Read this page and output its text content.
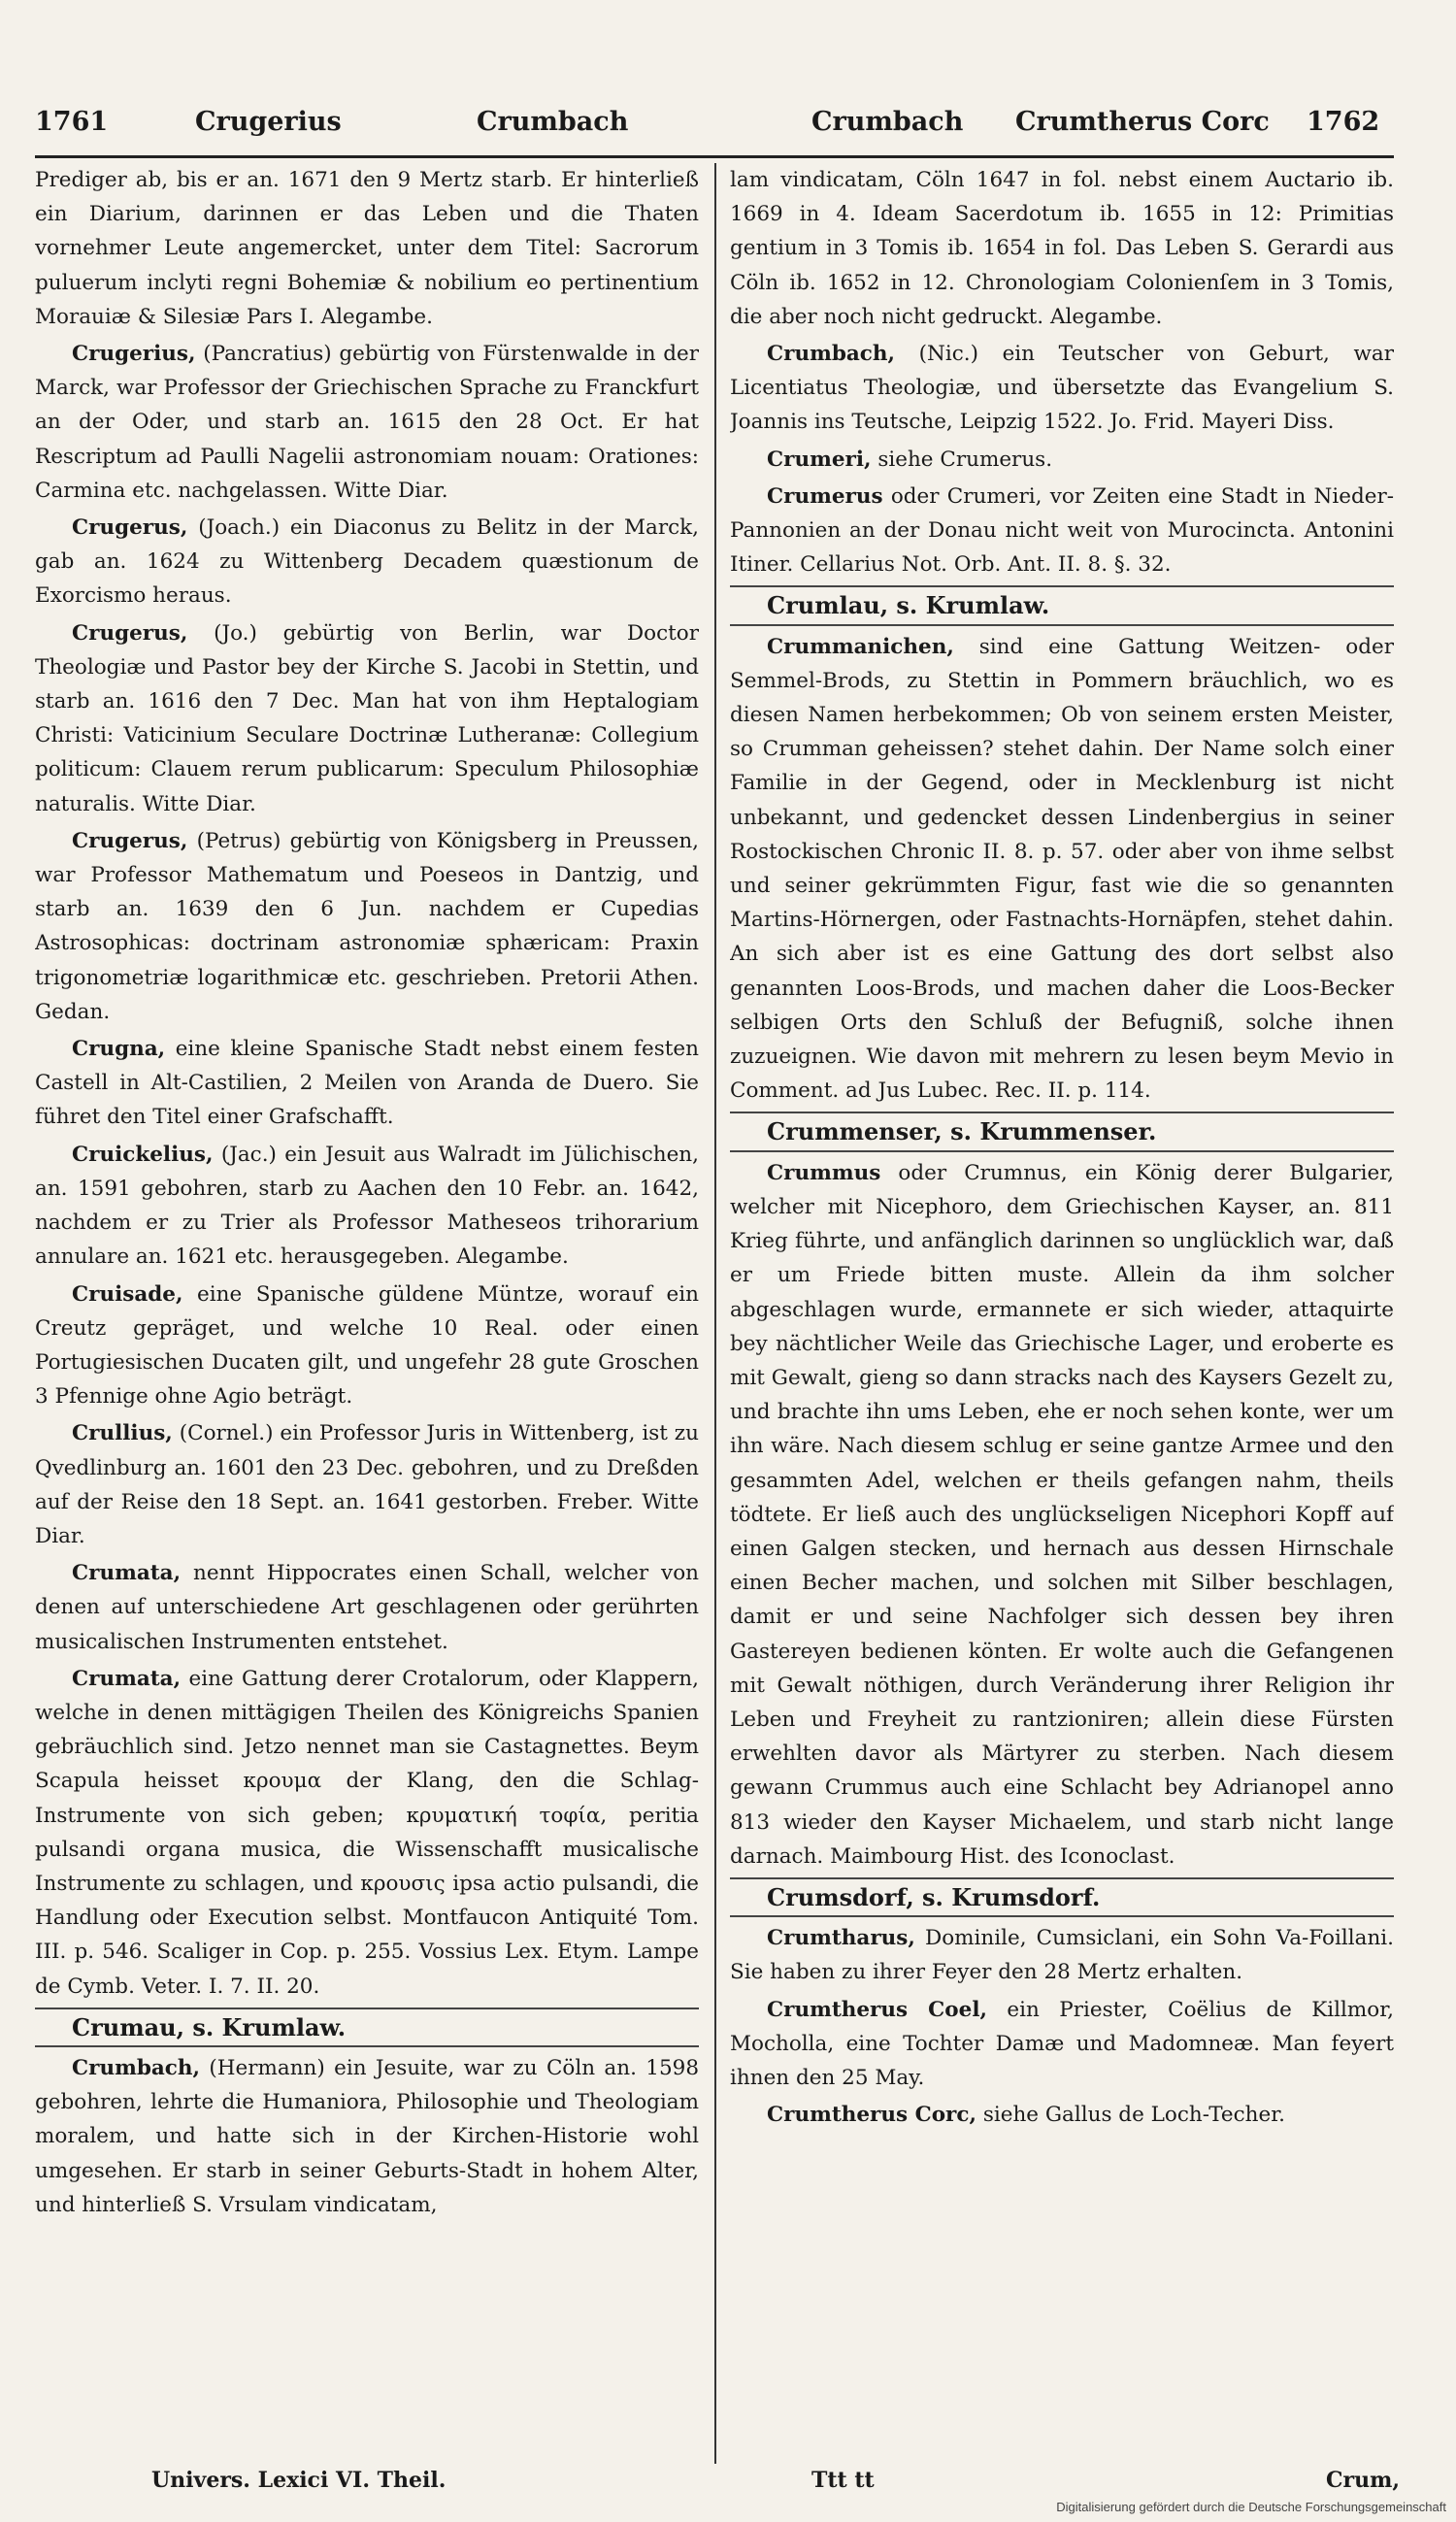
1761	Crugerius	Crumbach	Crumbach Crumtherus Corc 1762

Prediger ab, bis er an. 1671 den 9 Mertz starb. Er hinterließ ein Diarium, darinnen er das Leben und die Thaten vornehmer Leute angemercket, unter dem Titel: Sacrorum puluerum inclyti regni Bohemiæ & nobilium eo pertinentium Morauiæ & Silesiæ Pars I. Alegambe.

Crugerius, (Pancratius) gebürtig von Fürstenwalde in der Marck, war Professor der Griechischen Sprache zu Franckfurt an der Oder, und starb an. 1615 den 28 Oct. Er hat Rescriptum ad Paulli Nagelii astronomiam nouam: Orationes: Carmina etc. nachgelassen. Witte Diar.

Crugerus, (Joach.) ein Diaconus zu Belitz in der Marck, gab an. 1624 zu Wittenberg Decadem quæstionum de Exorcismo heraus.

Crugerus, (Jo.) gebürtig von Berlin, war Doctor Theologiæ und Pastor bey der Kirche S. Jacobi in Stettin, und starb an. 1616 den 7 Dec. Man hat von ihm Heptalogiam Christi: Vaticinium Seculare Doctrinæ Lutheranæ: Collegium politicum: Clauem rerum publicarum: Speculum Philosophiæ naturalis. Witte Diar.

Crugerus, (Petrus) gebürtig von Königsberg in Preussen, war Professor Mathematum und Poeseos in Dantzig, und starb an. 1639 den 6 Jun. nachdem er Cupedias Astrosophicas: doctrinam astronomiæ sphæricam: Praxin trigonometriæ logarithmicæ etc. geschrieben. Pretorii Athen. Gedan.

Crugna, eine kleine Spanische Stadt nebst einem festen Castell in Alt-Castilien, 2 Meilen von Aranda de Duero. Sie führet den Titel einer Grafschafft.

Cruickelius, (Jac.) ein Jesuit aus Walradt im Jülichischen, an. 1591 gebohren, starb zu Aachen den 10 Febr. an. 1642, nachdem er zu Trier als Professor Matheseos trihorarium annulare an. 1621 etc. herausgegeben. Alegambe.

Cruisade, eine Spanische güldene Müntze, worauf ein Creutz gepräget, und welche 10 Real. oder einen Portugiesischen Ducaten gilt, und ungefehr 28 gute Groschen 3 Pfennige ohne Agio beträgt.

Crullius, (Cornel.) ein Professor Juris in Wittenberg, ist zu Qvedlinburg an. 1601 den 23 Dec. gebohren, und zu Dreßden auf der Reise den 18 Sept. an. 1641 gestorben. Freber. Witte Diar.

Crumata, nennt Hippocrates einen Schall, welcher von denen auf unterschiedene Art geschlagenen oder gerührten musicalischen Instrumenten entstehet.

Crumata, eine Gattung derer Crotalorum, oder Klappern, welche in denen mittägigen Theilen des Königreichs Spanien gebräuchlich sind. Jetzo nennet man sie Castagnettes. Beym Scapula heisset κρουμα der Klang, den die Schlag-Instrumente von sich geben; κρυματική τοφία, peritia pulsandi organa musica, die Wissenschafft musicalische Instrumente zu schlagen, und κρουσις ipsa actio pulsandi, die Handlung oder Execution selbst. Montfaucon Antiquité Tom. III. p. 546. Scaliger in Cop. p. 255. Vossius Lex. Etym. Lampe de Cymb. Veter. I. 7. II. 20.

Crumau, s. Krumlaw.

Crumbach, (Hermann) ein Jesuite, war zu Cöln an. 1598 gebohren, lehrte die Humaniora, Philosophie und Theologiam moralem, und hatte sich in der Kirchen-Historie wohl umgesehen. Er starb in seiner Geburts-Stadt in hohem Alter, und hinterließ S. Vrsulam vindicatam,

lam vindicatam, Cöln 1647 in fol. nebst einem Auctario ib. 1669 in 4. Ideam Sacerdotum ib. 1655 in 12: Primitias gentium in 3 Tomis ib. 1654 in fol. Das Leben S. Gerardi aus Cöln ib. 1652 in 12. Chronologiam Colonienſem in 3 Tomis, die aber noch nicht gedruckt. Alegambe.

Crumbach, (Nic.) ein Teutscher von Geburt, war Licentiatus Theologiæ, und übersetzte das Evangelium S. Joannis ins Teutsche, Leipzig 1522. Jo. Frid. Mayeri Diss.

Crumeri, siehe Crumerus.

Crumerus oder Crumeri, vor Zeiten eine Stadt in Nieder-Pannonien an der Donau nicht weit von Murocincta. Antonini Itiner. Cellarius Not. Orb. Ant. II. 8. §. 32.

Crumlau, s. Krumlaw.

Crummanichen, sind eine Gattung Weitzen- oder Semmel-Brods, zu Stettin in Pommern bräuchlich, wo es diesen Namen herbekommen; Ob von seinem ersten Meister, so Crumman geheissen? stehet dahin. Der Name solch einer Familie in der Gegend, oder in Mecklenburg ist nicht unbekannt, und gedencket dessen Lindenbergius in seiner Rostockischen Chronic II. 8. p. 57. oder aber von ihme selbst und seiner gekrümmten Figur, fast wie die so genannten Martins-Hörnergen, oder Fastnachts-Hornäpfen, stehet dahin. An sich aber ist es eine Gattung des dort selbst also genannten Loos-Brods, und machen daher die Loos-Becker selbigen Orts den Schluß der Befugniß, solche ihnen zuzueignen. Wie davon mit mehrern zu lesen beym Mevio in Comment. ad Jus Lubec. Rec. II. p. 114.

Crummenser, s. Krummenser.

Crummus oder Crumnus, ein König derer Bulgarier, welcher mit Nicephoro, dem Griechischen Kayser, an. 811 Krieg führte, und anfänglich darinnen so unglücklich war, daß er um Friede bitten muste. Allein da ihm solcher abgeschlagen wurde, ermannete er sich wieder, attaquirte bey nächtlicher Weile das Griechische Lager, und eroberte es mit Gewalt, gieng so dann stracks nach des Kaysers Gezelt zu, und brachte ihn ums Leben, ehe er noch sehen konte, wer um ihn wäre. Nach diesem schlug er seine gantze Armee und den gesammten Adel, welchen er theils gefangen nahm, theils tödtete. Er ließ auch des unglückseligen Nicephori Kopff auf einen Galgen stecken, und hernach aus dessen Hirnschale einen Becher machen, und solchen mit Silber beschlagen, damit er und seine Nachfolger sich dessen bey ihren Gastereyen bedienen könten. Er wolte auch die Gefangenen mit Gewalt nöthigen, durch Veränderung ihrer Religion ihr Leben und Freyheit zu rantzioniren; allein diese Fürsten erwehlten davor als Märtyrer zu sterben. Nach diesem gewann Crummus auch eine Schlacht bey Adrianopel anno 813 wieder den Kayser Michaelem, und starb nicht lange darnach. Maimbourg Hist. des Iconoclast.

Crumsdorf, s. Krumsdorf.

Crumtharus, Dominile, Cumsiclani, ein Sohn Va-Foillani. Sie haben zu ihrer Feyer den 28 Mertz erhalten.

Crumtherus Coel, ein Priester, Coëlius de Killmor, Mocholla, eine Tochter Damæ und Madomneæ. Man feyert ihnen den 25 May.

Crumtherus Corc, siehe Gallus de Loch-Techer.

Univers. Lexici VI. Theil.	Ttt tt	Crum,
Digitalisierung gefördert durch die Deutsche Forschungsgemeinschaft
